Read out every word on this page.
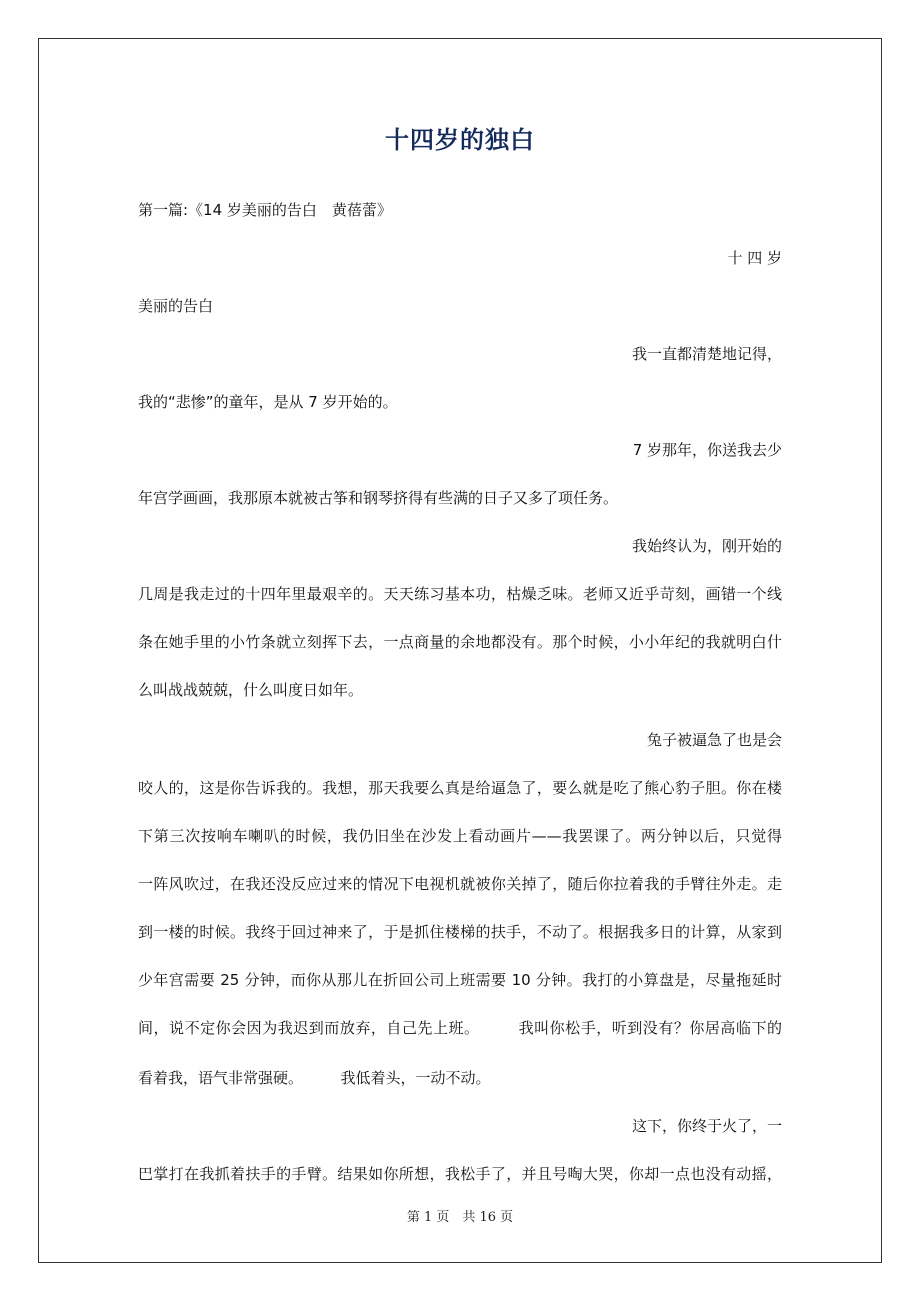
十四岁的独白
第一篇:《14 岁美丽的告白　黄蓓蕾》
十 四 岁
美丽的告白
我一直都清楚地记得，
我的“悲惨”的童年，是从 7 岁开始的。
7 岁那年，你送我去少
年宫学画画，我那原本就被古筝和钢琴挤得有些满的日子又多了项任务。
我始终认为，刚开始的
几周是我走过的十四年里最艰辛的。天天练习基本功，枯燥乏味。老师又近乎苛刻，画错一个线
条在她手里的小竹条就立刻挥下去，一点商量的余地都没有。那个时候，小小年纪的我就明白什
么叫战战兢兢，什么叫度日如年。
兔子被逼急了也是会
咬人的，这是你告诉我的。我想，那天我要么真是给逼急了，要么就是吃了熊心豹子胆。你在楼
下第三次按响车喇叭的时候，我仍旧坐在沙发上看动画片——我罢课了。两分钟以后，只觉得
一阵风吹过，在我还没反应过来的情况下电视机就被你关掉了，随后你拉着我的手臂往外走。走
到一楼的时候。我终于回过神来了，于是抓住楼梯的扶手，不动了。根据我多日的计算，从家到
少年宫需要 25 分钟，而你从那儿在折回公司上班需要 10 分钟。我打的小算盘是，尽量拖延时
间，说不定你会因为我迟到而放弃，自己先上班。　　　我叫你松手，听到没有？你居高临下的
看着我，语气非常强硬。　　　我低着头，一动不动。
这下，你终于火了，一
巴掌打在我抓着扶手的手臂。结果如你所想，我松手了，并且号啕大哭，你却一点也没有动摇，
第 1 页　共 16 页
